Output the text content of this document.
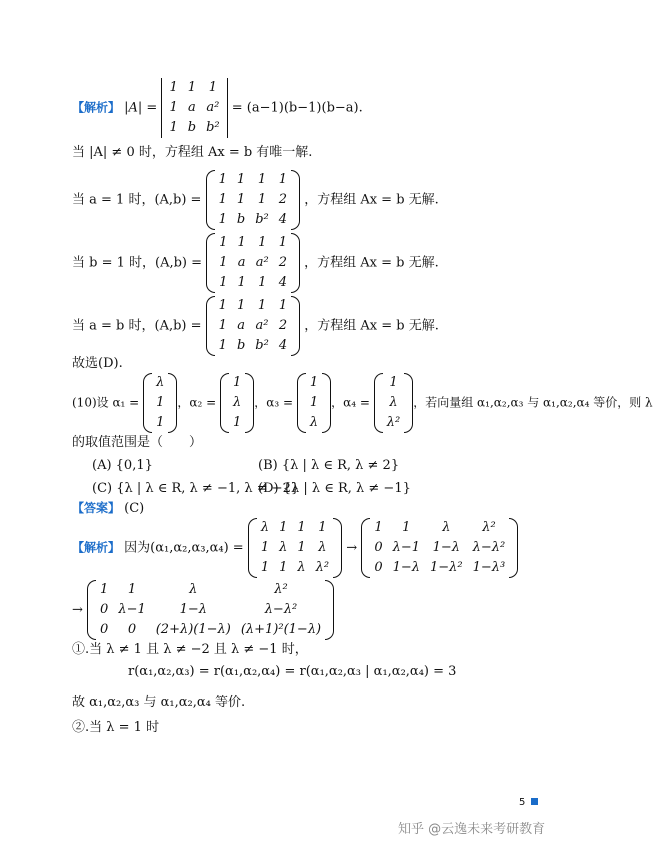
【解析】 |A| =
1	1	1
1	a	a²
1	b	b²
= (a−1)(b−1)(b−a).
当 |A| ≠ 0 时，方程组 Ax = b 有唯一解.
当 a = 1 时，(A,b) =
1	1	1	1
1	1	1	2
1	b	b²	4
，方程组 Ax = b 无解.
当 b = 1 时，(A,b) =
1	1	1	1
1	a	a²	2
1	1	1	4
，方程组 Ax = b 无解.
当 a = b 时，(A,b) =
1	1	1	1
1	a	a²	2
1	b	b²	4
，方程组 Ax = b 无解.
故选(D).
(10)设 α₁ =
λ
1
1
，α₂ =
1
λ
1
，α₃ =
1
1
λ
，α₄ =
1
λ
λ²
，若向量组 α₁,α₂,α₃ 与 α₁,α₂,α₄ 等价，则 λ
的取值范围是（　　）
(A) {0,1}	(B) {λ | λ ∈ R, λ ≠ 2}
(C) {λ | λ ∈ R, λ ≠ −1, λ ≠ −2}
(D) {λ | λ ∈ R, λ ≠ −1}
【答案】 (C)
【解析】 因为(α₁,α₂,α₃,α₄) =
λ	1	1	1
1	λ	1	λ
1	1	λ	λ²
→
1	1	λ	λ²
0	λ−1	1−λ	λ−λ²
0	1−λ	1−λ²	1−λ³
→
1	1	λ	λ²
0	λ−1	1−λ	λ−λ²
0	0	(2+λ)(1−λ)	(λ+1)²(1−λ)
①.当 λ ≠ 1 且 λ ≠ −2 且 λ ≠ −1 时，
r(α₁,α₂,α₃) = r(α₁,α₂,α₄) = r(α₁,α₂,α₃ | α₁,α₂,α₄) = 3
故 α₁,α₂,α₃ 与 α₁,α₂,α₄ 等价.
②.当 λ = 1 时
5
知乎 @云逸未来考研教育
